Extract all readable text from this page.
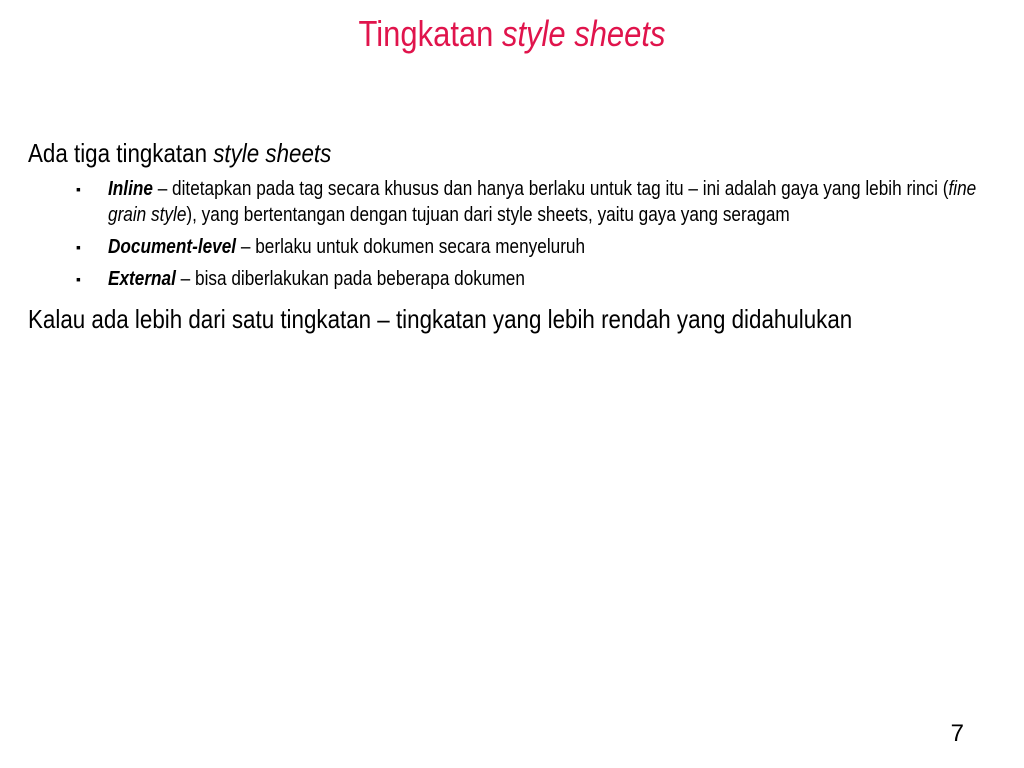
Tingkatan style sheets
Ada tiga tingkatan style sheets
▪ Inline – ditetapkan pada tag secara khusus dan hanya berlaku untuk tag itu – ini adalah gaya yang lebih rinci (fine grain style), yang bertentangan dengan tujuan dari style sheets, yaitu gaya yang seragam
▪ Document-level – berlaku untuk dokumen secara menyeluruh
▪ External – bisa diberlakukan pada beberapa dokumen
Kalau ada lebih dari satu tingkatan – tingkatan yang lebih rendah yang didahulukan
7
